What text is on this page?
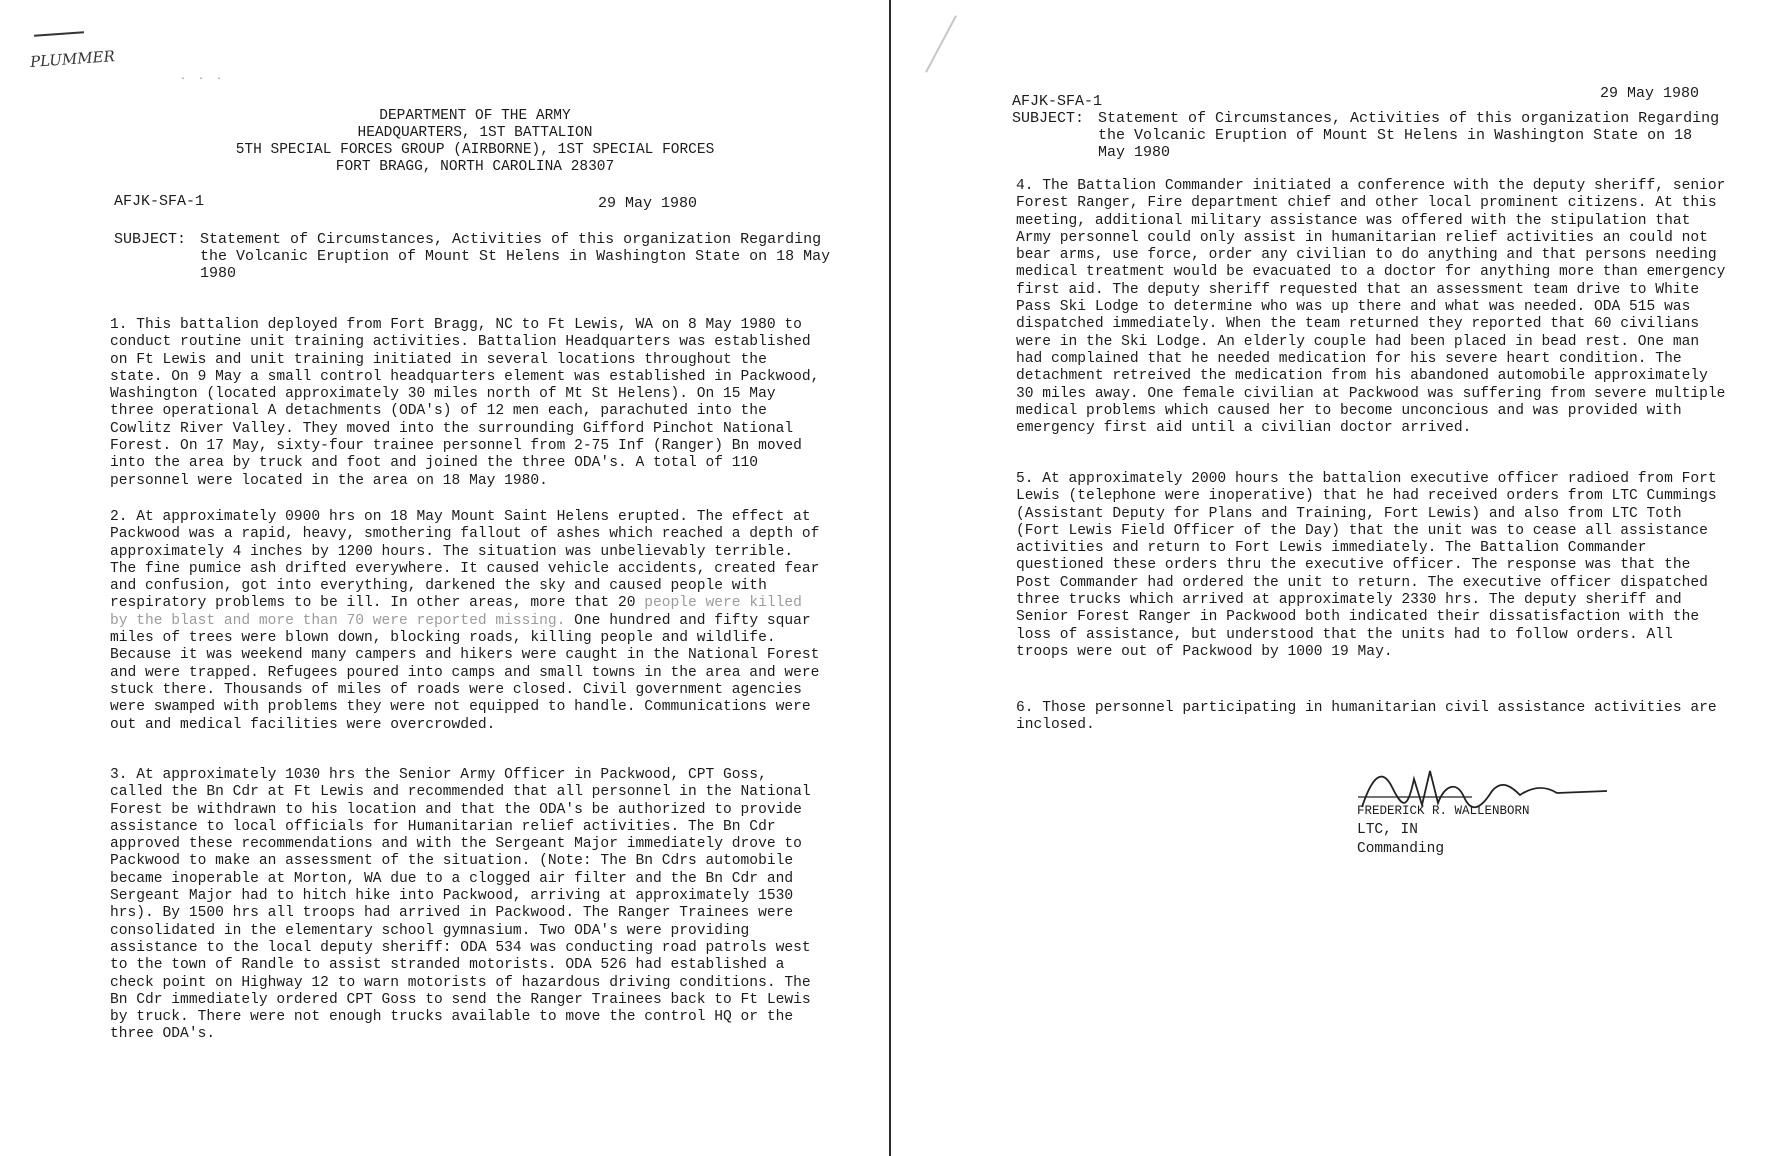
PLUMMER
· · ·
DEPARTMENT OF THE ARMY
HEADQUARTERS, 1ST BATTALION
5TH SPECIAL FORCES GROUP (AIRBORNE), 1ST SPECIAL FORCES
FORT BRAGG, NORTH CAROLINA 28307
AFJK-SFA-1	29 May 1980
SUBJECT: Statement of Circumstances, Activities of this organization Regarding the Volcanic Eruption of Mount St Helens in Washington State on 18 May 1980

1. This battalion deployed from Fort Bragg, NC to Ft Lewis, WA on 8 May 1980 to conduct routine unit training activities. Battalion Headquarters was established on Ft Lewis and unit training initiated in several locations throughout the state. On 9 May a small control headquarters element was established in Packwood, Washington (located approximately 30 miles north of Mt St Helens). On 15 May three operational A detachments (ODA's) of 12 men each, parachuted into the Cowlitz River Valley. They moved into the surrounding Gifford Pinchot National Forest. On 17 May, sixty-four trainee personnel from 2-75 Inf (Ranger) Bn moved into the area by truck and foot and joined the three ODA's. A total of 110 personnel were located in the area on 18 May 1980.

2. At approximately 0900 hrs on 18 May Mount Saint Helens erupted. The effect at Packwood was a rapid, heavy, smothering fallout of ashes which reached a depth of approximately 4 inches by 1200 hours. The situation was unbelievably terrible. The fine pumice ash drifted everywhere. It caused vehicle accidents, created fear and confusion, got into everything, darkened the sky and caused people with respiratory problems to be ill. In other areas, more that 20 people were killed by the blast and more than 70 were reported missing. One hundred and fifty squar miles of trees were blown down, blocking roads, killing people and wildlife. Because it was weekend many campers and hikers were caught in the National Forest and were trapped. Refugees poured into camps and small towns in the area and were stuck there. Thousands of miles of roads were closed. Civil government agencies were swamped with problems they were not equipped to handle. Communications were out and medical facilities were overcrowded.

3. At approximately 1030 hrs the Senior Army Officer in Packwood, CPT Goss, called the Bn Cdr at Ft Lewis and recommended that all personnel in the National Forest be withdrawn to his location and that the ODA's be authorized to provide assistance to local officials for Humanitarian relief activities. The Bn Cdr approved these recommendations and with the Sergeant Major immediately drove to Packwood to make an assessment of the situation. (Note: The Bn Cdrs automobile became inoperable at Morton, WA due to a clogged air filter and the Bn Cdr and Sergeant Major had to hitch hike into Packwood, arriving at approximately 1530 hrs). By 1500 hrs all troops had arrived in Packwood. The Ranger Trainees were consolidated in the elementary school gymnasium. Two ODA's were providing assistance to the local deputy sheriff: ODA 534 was conducting road patrols west to the town of Randle to assist stranded motorists. ODA 526 had established a check point on Highway 12 to warn motorists of hazardous driving conditions. The Bn Cdr immediately ordered CPT Goss to send the Ranger Trainees back to Ft Lewis by truck. There were not enough trucks available to move the control HQ or the three ODA's.

AFJK-SFA-1	29 May 1980
SUBJECT: Statement of Circumstances, Activities of this organization Regarding the Volcanic Eruption of Mount St Helens in Washington State on 18 May 1980

4. The Battalion Commander initiated a conference with the deputy sheriff, senior Forest Ranger, Fire department chief and other local prominent citizens. At this meeting, additional military assistance was offered with the stipulation that Army personnel could only assist in humanitarian relief activities an could not bear arms, use force, order any civilian to do anything and that persons needing medical treatment would be evacuated to a doctor for anything more than emergency first aid. The deputy sheriff requested that an assessment team drive to White Pass Ski Lodge to determine who was up there and what was needed. ODA 515 was dispatched immediately. When the team returned they reported that 60 civilians were in the Ski Lodge. An elderly couple had been placed in bead rest. One man had complained that he needed medication for his severe heart condition. The detachment retreived the medication from his abandoned automobile approximately 30 miles away. One female civilian at Packwood was suffering from severe multiple medical problems which caused her to become unconcious and was provided with emergency first aid until a civilian doctor arrived.

5. At approximately 2000 hours the battalion executive officer radioed from Fort Lewis (telephone were inoperative) that he had received orders from LTC Cummings (Assistant Deputy for Plans and Training, Fort Lewis) and also from LTC Toth (Fort Lewis Field Officer of the Day) that the unit was to cease all assistance activities and return to Fort Lewis immediately. The Battalion Commander questioned these orders thru the executive officer. The response was that the Post Commander had ordered the unit to return. The executive officer dispatched three trucks which arrived at approximately 2330 hrs. The deputy sheriff and Senior Forest Ranger in Packwood both indicated their dissatisfaction with the loss of assistance, but understood that the units had to follow orders. All troops were out of Packwood by 1000 19 May.

6. Those personnel participating in humanitarian civil assistance activities are inclosed.

FREDERICK R. WALLENBORN
LTC, IN
Commanding
